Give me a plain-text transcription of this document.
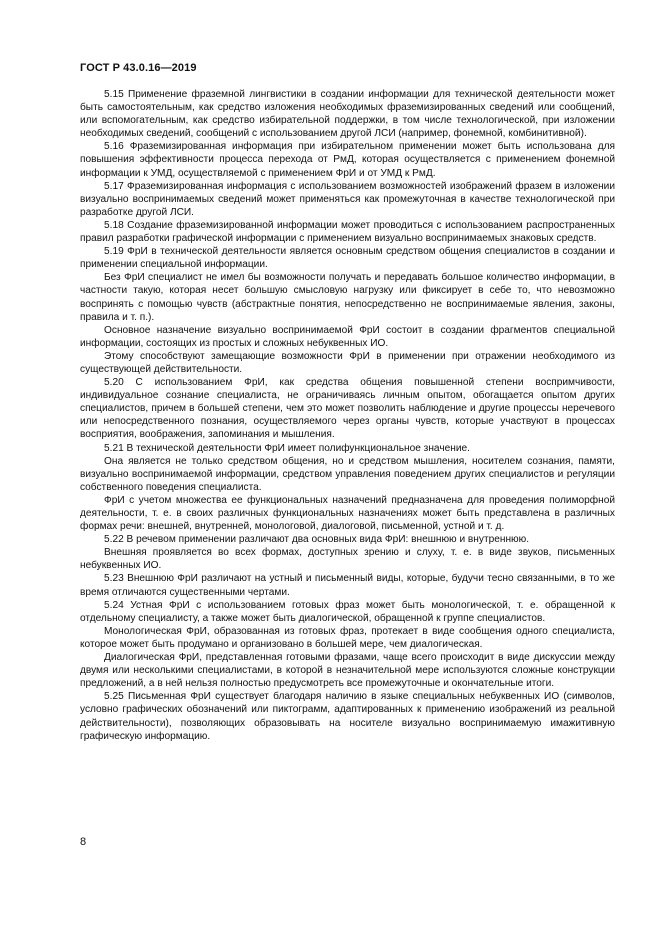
ГОСТ Р 43.0.16—2019

5.15 Применение фраземной лингвистики в создании информации для технической деятельности может быть самостоятельным, как средство изложения необходимых фраземизированных сведений или сообщений, или вспомогательным, как средство избирательной поддержки, в том числе технологической, при изложении необходимых сведений, сообщений с использованием другой ЛСИ (например, фонемной, комбинитивной).

5.16 Фраземизированная информация при избирательном применении может быть использована для повышения эффективности процесса перехода от РмД, которая осуществляется с применением фонемной информации к УМД, осуществляемой с применением ФрИ и от УМД к РмД.

5.17 Фраземизированная информация с использованием возможностей изображений фразем в изложении визуально воспринимаемых сведений может применяться как промежуточная в качестве технологической при разработке другой ЛСИ.

5.18 Создание фраземизированной информации может проводиться с использованием распространенных правил разработки графической информации с применением визуально воспринимаемых знаковых средств.

5.19 ФрИ в технической деятельности является основным средством общения специалистов в создании и применении специальной информации.

Без ФрИ специалист не имел бы возможности получать и передавать большое количество информации, в частности такую, которая несет большую смысловую нагрузку или фиксирует в себе то, что невозможно воспринять с помощью чувств (абстрактные понятия, непосредственно не воспринимаемые явления, законы, правила и т. п.).

Основное назначение визуально воспринимаемой ФрИ состоит в создании фрагментов специальной информации, состоящих из простых и сложных небуквенных ИО.

Этому способствуют замещающие возможности ФрИ в применении при отражении необходимого из существующей действительности.

5.20 С использованием ФрИ, как средства общения повышенной степени воспримчивости, индивидуальное сознание специалиста, не ограничиваясь личным опытом, обогащается опытом других специалистов, причем в большей степени, чем это может позволить наблюдение и другие процессы неречевого или непосредственного познания, осуществляемого через органы чувств, которые участвуют в процессах восприятия, воображения, запоминания и мышления.

5.21 В технической деятельности ФрИ имеет полифункциональное значение.

Она является не только средством общения, но и средством мышления, носителем сознания, памяти, визуально воспринимаемой информации, средством управления поведением других специалистов и регуляции собственного поведения специалиста.

ФрИ с учетом множества ее функциональных назначений предназначена для проведения полиморфной деятельности, т. е. в своих различных функциональных назначениях может быть представлена в различных формах речи: внешней, внутренней, монологовой, диалоговой, письменной, устной и т. д.

5.22 В речевом применении различают два основных вида ФрИ: внешнюю и внутреннюю.

Внешняя проявляется во всех формах, доступных зрению и слуху, т. е. в виде звуков, письменных небуквенных ИО.

5.23 Внешнюю ФрИ различают на устный и письменный виды, которые, будучи тесно связанными, в то же время отличаются существенными чертами.

5.24 Устная ФрИ с использованием готовых фраз может быть монологической, т. е. обращенной к отдельному специалисту, а также может быть диалогической, обращенной к группе специалистов.

Монологическая ФрИ, образованная из готовых фраз, протекает в виде сообщения одного специалиста, которое может быть продумано и организовано в большей мере, чем диалогическая.

Диалогическая ФрИ, представленная готовыми фразами, чаще всего происходит в виде дискуссии между двумя или несколькими специалистами, в которой в незначительной мере используются сложные конструкции предложений, а в ней нельзя полностью предусмотреть все промежуточные и окончательные итоги.

5.25 Письменная ФрИ существует благодаря наличию в языке специальных небуквенных ИО (символов, условно графических обозначений или пиктограмм, адаптированных к применению изображений из реальной действительности), позволяющих образовывать на носителе визуально воспринимаемую имажитивную графическую информацию.

8
